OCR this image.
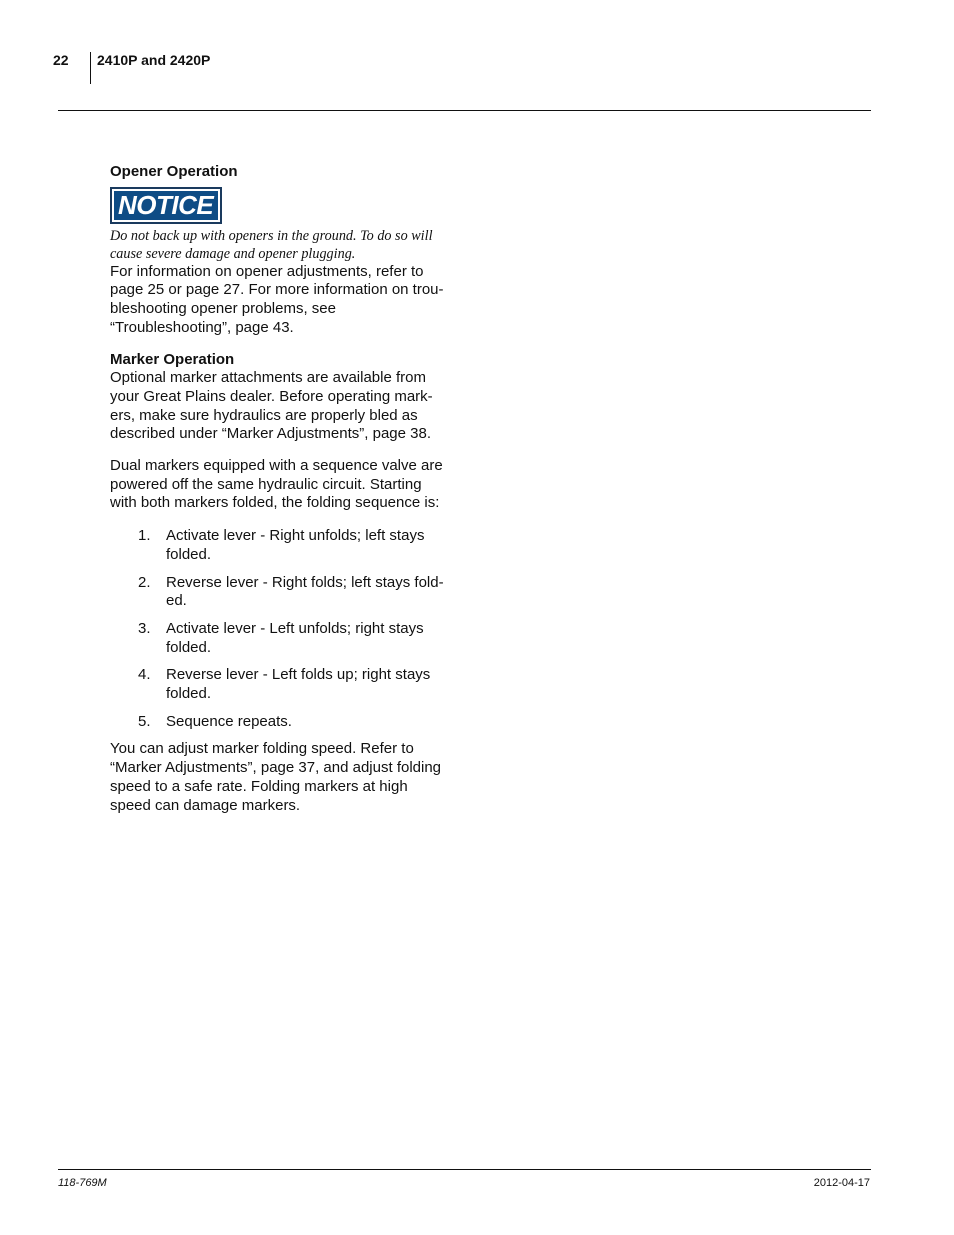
22 2410P and 2420P
Opener Operation
NOTICE

Do not back up with openers in the ground. To do so will cause severe damage and opener plugging.

For information on opener adjustments, refer to page 25 or page 27. For more information on trou-bleshooting opener problems, see “Troubleshooting”, page 43.

Marker Operation

Optional marker attachments are available from your Great Plains dealer. Before operating mark-ers, make sure hydraulics are properly bled as described under “Marker Adjustments”, page 38.

Dual markers equipped with a sequence valve are powered off the same hydraulic circuit. Starting with both markers folded, the folding sequence is:

1. Activate lever - Right unfolds; left stays folded.
2. Reverse lever - Right folds; left stays fold-ed.
3. Activate lever - Left unfolds; right stays folded.
4. Reverse lever - Left folds up; right stays folded.
5. Sequence repeats.

You can adjust marker folding speed. Refer to “Marker Adjustments”, page 37, and adjust folding speed to a safe rate. Folding markers at high speed can damage markers.

118-769M	2012-04-17
